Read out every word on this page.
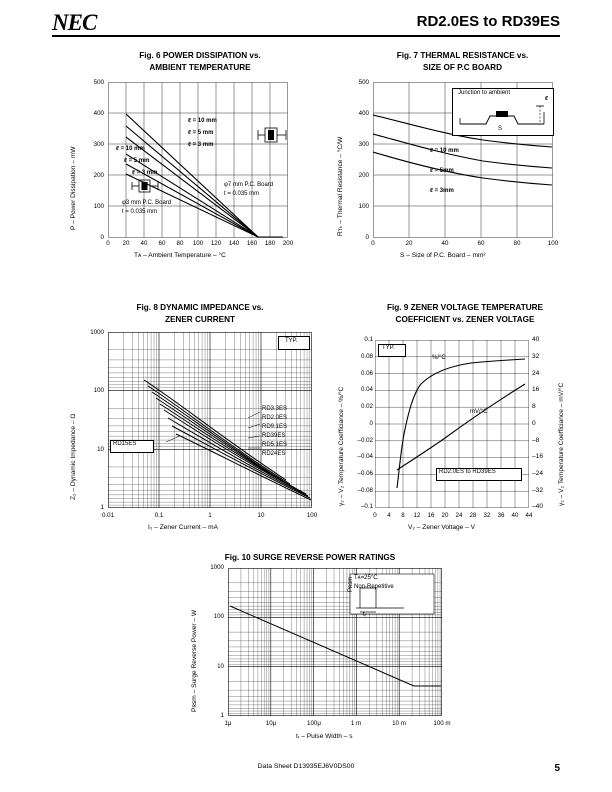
NEC	RD2.0ES to RD39ES
Fig. 6 POWER DISSIPATION vs.
AMBIENT TEMPERATURE
0	20	40	60	80	100	120	140	160	180	200
0
100
200
300
400
500
Tᴀ – Ambient Temperature – °C
P – Power Dissipation – mW
ℓ = 10 mm
ℓ = 5 mm
ℓ = 3 mm
ℓ = 10 mm
ℓ = 5 mm
ℓ = 3 mm
φ7 mm P.C. Board
t = 0.035 mm
φ3 mm P.C. Board
t = 0.035 mm
Fig. 7 THERMAL RESISTANCE vs.
SIZE OF P.C BOARD
0	20	40	60	80	100
0
100
200
300
400
500
S – Size of P.C. Board – mm²
Rᴛₖ – Thermal Resistance – °C/W
Junction to ambient
S
ℓ
ℓ = 10 mm
ℓ = 5mm
ℓ = 3mm
Fig. 8 DYNAMIC IMPEDANCE vs.
ZENER CURRENT
0.01	0.1	1	10	100
1
10
100
1000
I₂ – Zener Current – mA
Z₂ – Dynamic Impedance – Ω
TYP.
RD15ES
RD3.3ES
RD2.0ES
RD9.1ES
RD39ES
RD5.1ES
RD24ES
Fig. 9 ZENER VOLTAGE TEMPERATURE
COEFFICIENT vs. ZENER VOLTAGE
TYP.
%/°C
mV/°C
RD2.0ES to RD39ES
0	4	8	12	16	20	24	28	32	36	40	44
0.1
0.08
0.06
0.04
0.02
0
–0.02
–0.04
–0.06
–0.08
–0.1
40
32
24
16
8
0
–8
–16
–24
–32
–40
V₂ – Zener Voltage – V
γ₂ – V₂ Temperature Coefficiance – %/°C	γ₂ – V₂ Temperature Coefficiance – mV/°C
Fig. 10 SURGE REVERSE POWER RATINGS
Tᴀ=25°C
Non-Repetitive
Pʀsm
tᵣ
1μ	10μ	100μ	1 m	10 m	100 m
1
10
100
1000
tᵣ – Pulse Width – s
Pʀsm – Surge Reverse Power – W
Data Sheet D13935EJ6V0DS00	5
